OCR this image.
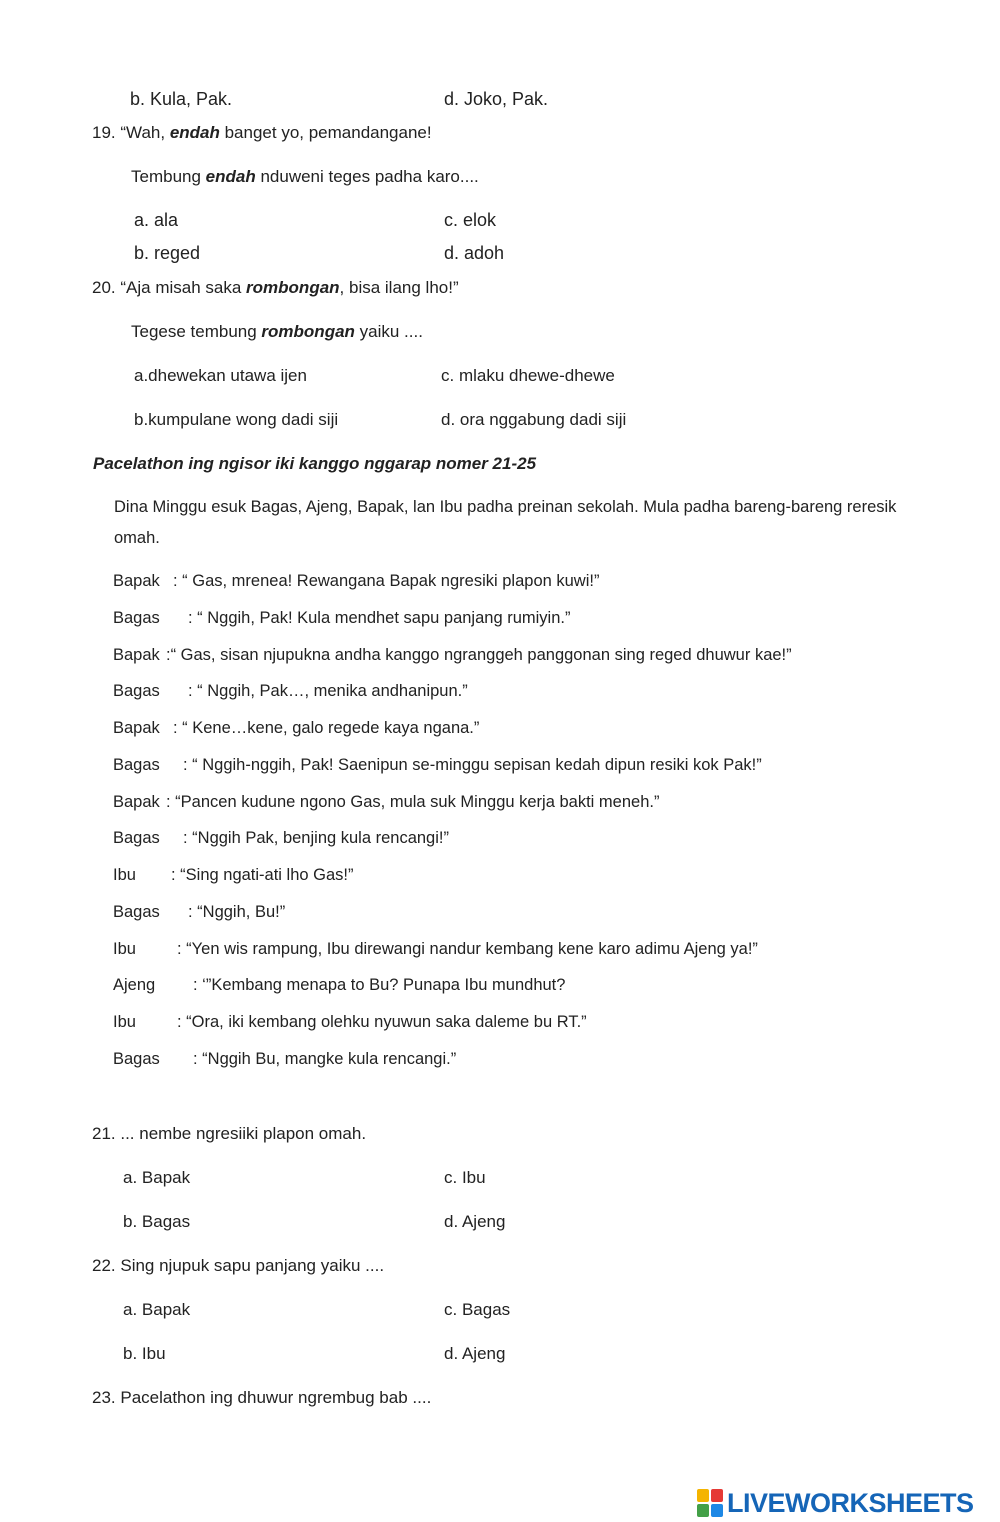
b. Kula, Pak.	d. Joko, Pak.
19. “Wah, endah banget yo, pemandangane!
Tembung endah nduweni teges padha karo....
a. ala	c. elok
b. reged	d. adoh
20. “Aja misah saka rombongan, bisa ilang lho!”
Tegese tembung rombongan yaiku ....
a.dhewekan utawa ijen	c. mlaku dhewe-dhewe
b.kumpulane wong dadi siji	d. ora nggabung dadi siji
Pacelathon ing ngisor iki kanggo nggarap nomer 21-25
Dina Minggu esuk Bagas, Ajeng, Bapak, lan Ibu padha preinan sekolah. Mula padha bareng-bareng reresik omah.
Bapak : “ Gas, mrenea! Rewangana Bapak ngresiki plapon kuwi!”
Bagas : “ Nggih, Pak! Kula mendhet sapu panjang rumiyin.”
Bapak :“ Gas, sisan njupukna andha kanggo ngranggeh panggonan sing reged dhuwur kae!”
Bagas : “ Nggih, Pak…, menika andhanipun.”
Bapak : “ Kene…kene, galo regede kaya ngana.”
Bagas : “ Nggih-nggih, Pak! Saenipun se-minggu sepisan kedah dipun resiki kok Pak!”
Bapak : “Pancen kudune ngono Gas, mula suk Minggu kerja bakti meneh.”
Bagas : “Nggih Pak, benjing kula rencangi!”
Ibu : “Sing ngati-ati lho Gas!”
Bagas : “Nggih, Bu!”
Ibu : “Yen wis rampung, Ibu direwangi nandur kembang kene karo adimu Ajeng ya!”
Ajeng : ‘”Kembang menapa to Bu? Punapa Ibu mundhut?
Ibu : “Ora, iki kembang olehku nyuwun saka daleme bu RT.”
Bagas : “Nggih Bu, mangke kula rencangi.”
21. ... nembe ngresiiki plapon omah.
a. Bapak	c. Ibu
b. Bagas	d. Ajeng
22. Sing njupuk sapu panjang yaiku ....
a. Bapak	c. Bagas
b. Ibu	d. Ajeng
23. Pacelathon ing dhuwur ngrembug bab ....
LIVEWORKSHEETS
